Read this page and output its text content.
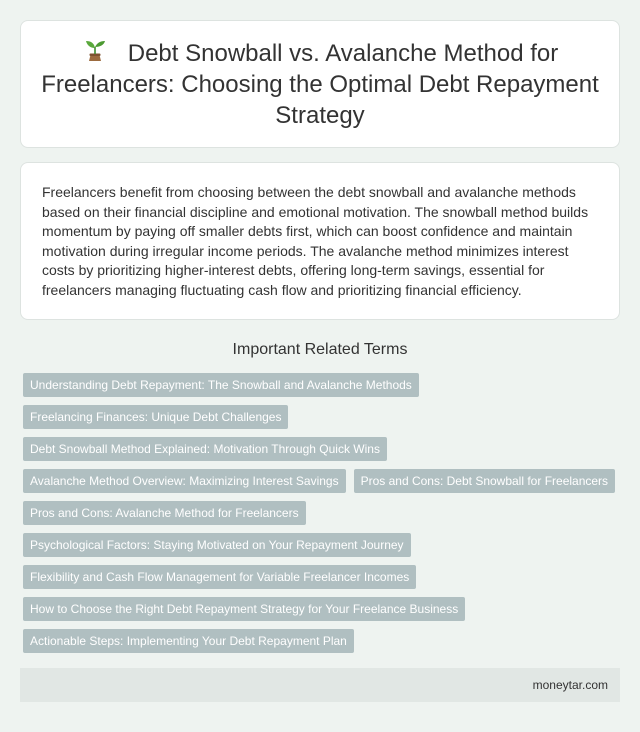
Debt Snowball vs. Avalanche Method for Freelancers: Choosing the Optimal Debt Repayment Strategy

Freelancers benefit from choosing between the debt snowball and avalanche methods based on their financial discipline and emotional motivation. The snowball method builds momentum by paying off smaller debts first, which can boost confidence and maintain motivation during irregular income periods. The avalanche method minimizes interest costs by prioritizing higher-interest debts, offering long-term savings, essential for freelancers managing fluctuating cash flow and prioritizing financial efficiency.

Important Related Terms
Understanding Debt Repayment: The Snowball and Avalanche Methods
Freelancing Finances: Unique Debt Challenges
Debt Snowball Method Explained: Motivation Through Quick Wins
Avalanche Method Overview: Maximizing Interest Savings	Pros and Cons: Debt Snowball for Freelancers
Pros and Cons: Avalanche Method for Freelancers
Psychological Factors: Staying Motivated on Your Repayment Journey
Flexibility and Cash Flow Management for Variable Freelancer Incomes
How to Choose the Right Debt Repayment Strategy for Your Freelance Business
Actionable Steps: Implementing Your Debt Repayment Plan
moneytar.com
